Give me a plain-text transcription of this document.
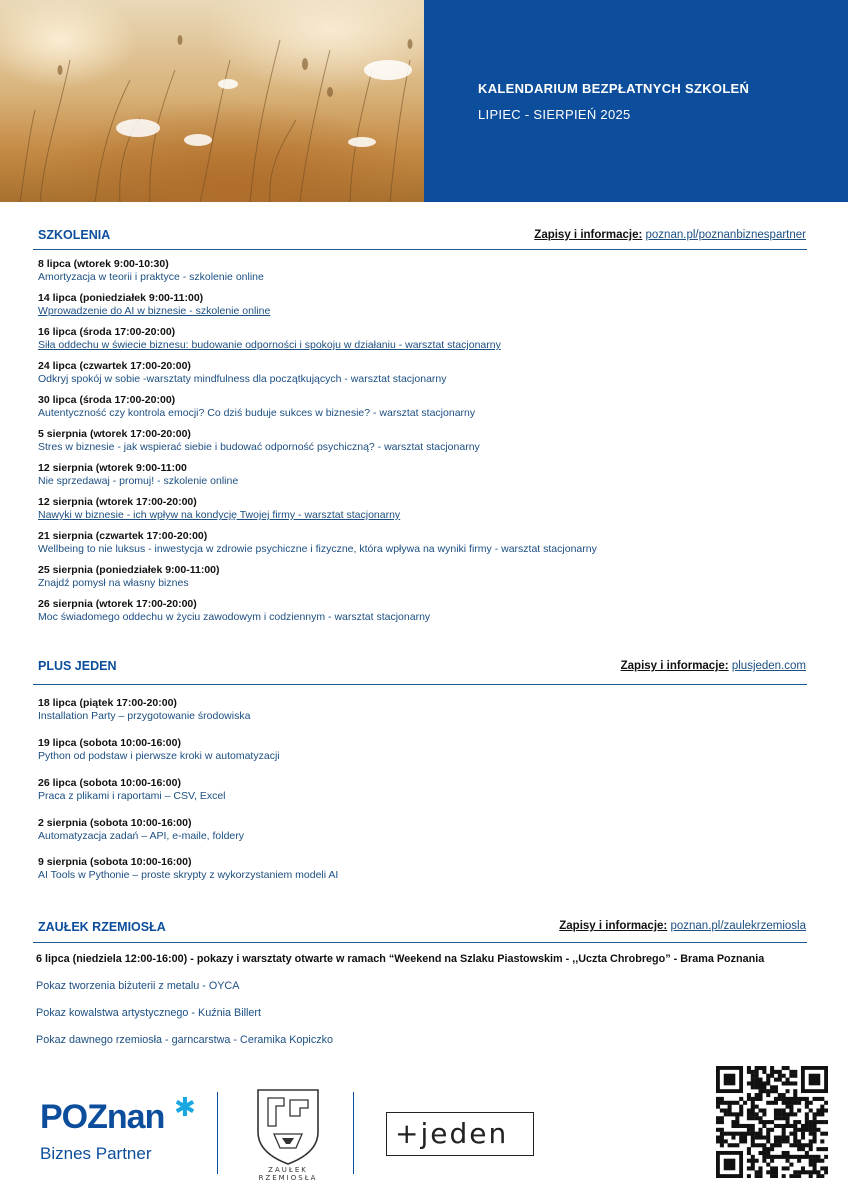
KALENDARIUM BEZPŁATNYCH SZKOLEŃ
LIPIEC - SIERPIEŃ 2025
SZKOLENIA	Zapisy i informacje: poznan.pl/poznanbiznespartner
8 lipca (wtorek 9:00-10:30)
Amortyzacja w teorii i praktyce - szkolenie online
14 lipca (poniedziałek 9:00-11:00)
Wprowadzenie do AI w biznesie - szkolenie online
16 lipca (środa 17:00-20:00)
Siła oddechu w świecie biznesu: budowanie odporności i spokoju w działaniu - warsztat stacjonarny
24 lipca (czwartek 17:00-20:00)
Odkryj spokój w sobie -warsztaty mindfulness dla początkujących - warsztat stacjonarny
30 lipca (środa 17:00-20:00)
Autentyczność czy kontrola emocji? Co dziś buduje sukces w biznesie? - warsztat stacjonarny
5 sierpnia (wtorek 17:00-20:00)
Stres w biznesie - jak wspierać siebie i budować odporność psychiczną? - warsztat stacjonarny
12 sierpnia (wtorek 9:00-11:00
Nie sprzedawaj - promuj! - szkolenie online
12 sierpnia (wtorek 17:00-20:00)
Nawyki w biznesie - ich wpływ na kondycję Twojej firmy - warsztat stacjonarny
21 sierpnia (czwartek 17:00-20:00)
Wellbeing to nie luksus - inwestycja w zdrowie psychiczne i fizyczne, która wpływa na wyniki firmy - warsztat stacjonarny
25 sierpnia (poniedziałek 9:00-11:00)
Znajdź pomysł na własny biznes
26 sierpnia (wtorek 17:00-20:00)
Moc świadomego oddechu w życiu zawodowym i codziennym - warsztat stacjonarny
PLUS JEDEN	Zapisy i informacje: plusjeden.com
18 lipca (piątek 17:00-20:00)
Installation Party – przygotowanie środowiska
19 lipca (sobota 10:00-16:00)
Python od podstaw i pierwsze kroki w automatyzacji
26 lipca (sobota 10:00-16:00)
Praca z plikami i raportami – CSV, Excel
2 sierpnia (sobota 10:00-16:00)
Automatyzacja zadań – API, e-maile, foldery
9 sierpnia (sobota 10:00-16:00)
AI Tools w Pythonie – proste skrypty z wykorzystaniem modeli AI
ZAUŁEK RZEMIOSŁA	Zapisy i informacje: poznan.pl/zaulekrzemiosla
6 lipca (niedziela 12:00-16:00) - pokazy i warsztaty otwarte w ramach “Weekend na Szlaku Piastowskim - ,,Uczta Chrobrego” - Brama Poznania
Pokaz tworzenia biżuterii z metalu - OYCA
Pokaz kowalstwa artystycznego - Kuźnia Billert
Pokaz dawnego rzemiosła - garncarstwa - Ceramika Kopiczko
POZnan ✱
Biznes Partner
ZAUŁEK RZEMIOSŁA
+jeden
